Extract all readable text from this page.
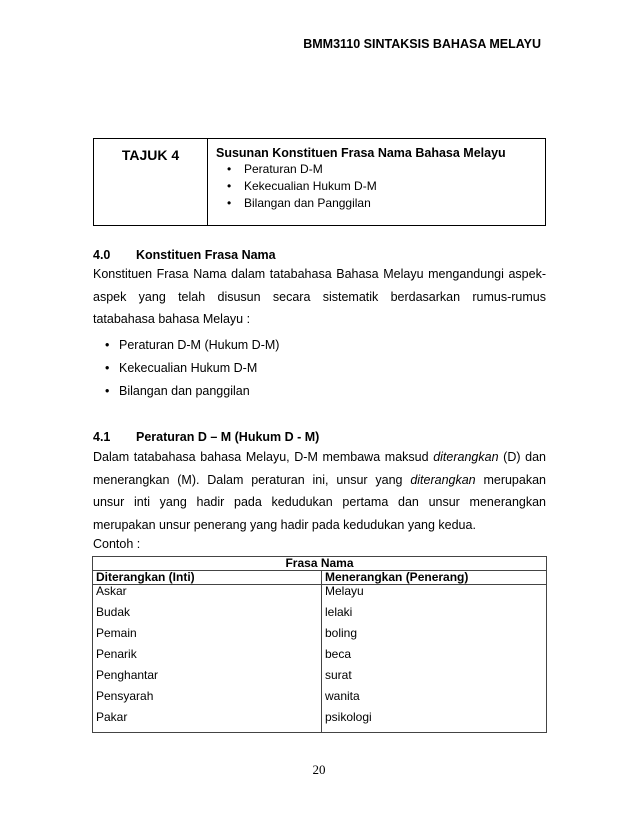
BMM3110 SINTAKSIS BAHASA MELAYU
TAJUK 4	Susunan Konstituen Frasa Nama Bahasa Melayu
• Peraturan D-M
• Kekecualian Hukum D-M
• Bilangan dan Panggilan
4.0 Konstituen Frasa Nama
Konstituen Frasa Nama dalam tatabahasa Bahasa Melayu mengandungi aspek-
aspek yang telah disusun secara sistematik berdasarkan rumus-rumus
tatabahasa bahasa Melayu :
• Peraturan D-M (Hukum D-M)
• Kekecualian Hukum D-M
• Bilangan dan panggilan
4.1 Peraturan D – M (Hukum D - M)
Dalam tatabahasa bahasa Melayu, D-M membawa maksud diterangkan (D) dan
menerangkan (M). Dalam peraturan ini, unsur yang diterangkan merupakan
unsur inti yang hadir pada kedudukan pertama dan unsur menerangkan
merupakan unsur penerang yang hadir pada kedudukan yang kedua.
Contoh :
Frasa Nama	
Diterangkan (Inti)	Menerangkan (Penerang)
Askar	Melayu
Budak	lelaki
Pemain	boling
Penarik	beca
Penghantar	surat
Pensyarah	wanita
Pakar	psikologi
20
